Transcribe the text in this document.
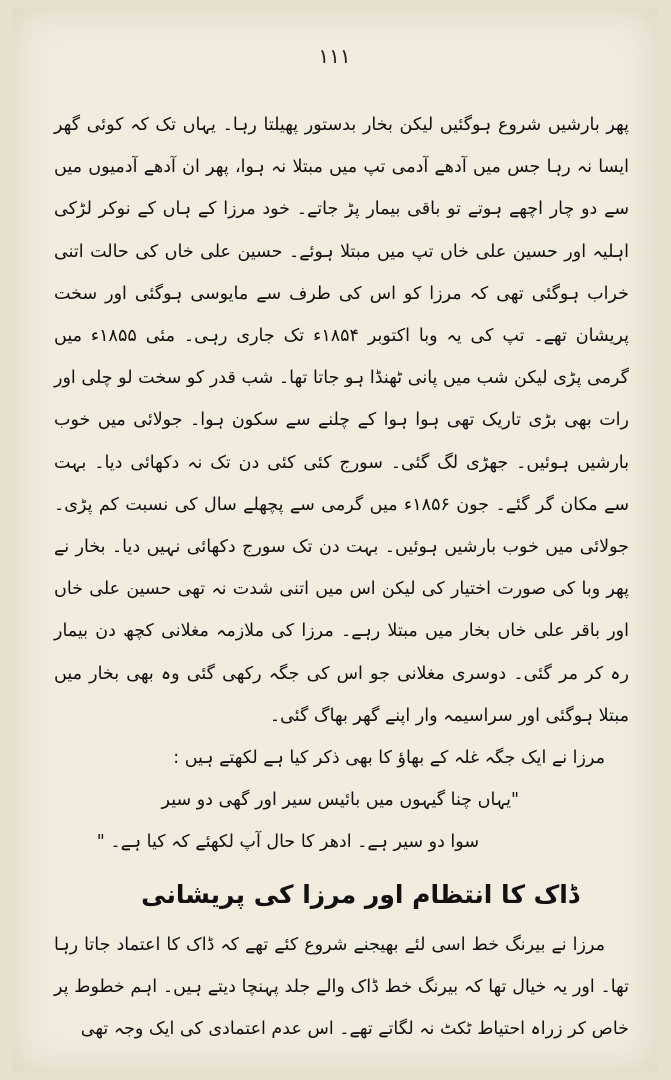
١١١

پھر بارشیں شروع ہوگئیں لیکن بخار بدستور پھیلتا رہا۔ یہاں تک کہ کوئی گھر ایسا نہ رہا جس میں آدھے آدمی تپ میں مبتلا نہ ہوا، پھر ان آدھے آدمیوں میں سے دو چار اچھے ہوتے تو باقی بیمار پڑ جاتے۔ خود مرزا کے ہاں کے نوکر لڑکی اہلیہ اور حسین علی خاں تپ میں مبتلا ہوئے۔ حسین علی خاں کی حالت اتنی خراب ہوگئی تھی کہ مرزا کو اس کی طرف سے مایوسی ہوگئی اور سخت پریشان تھے۔ تپ کی یہ وبا اکتوبر ۱۸۵۴ء تک جاری رہی۔ مئی ۱۸۵۵ء میں گرمی پڑی لیکن شب میں پانی ٹھنڈا ہو جاتا تھا۔ شب قدر کو سخت لو چلی اور رات بھی بڑی تاریک تھی ہوا ہوا کے چلنے سے سکون ہوا۔ جولائی میں خوب بارشیں ہوئیں۔ جھڑی لگ گئی۔ سورج کئی کئی دن تک نہ دکھائی دیا۔ بہت سے مکان گر گئے۔ جون ۱۸۵۶ء میں گرمی سے پچھلے سال کی نسبت کم پڑی۔ جولائی میں خوب بارشیں ہوئیں۔ بہت دن تک سورج دکھائی نہیں دیا۔ بخار نے پھر وبا کی صورت اختیار کی لیکن اس میں اتنی شدت نہ تھی حسین علی خاں اور باقر علی خاں بخار میں مبتلا رہے۔ مرزا کی ملازمہ مغلانی کچھ دن بیمار رہ کر مر گئی۔ دوسری مغلانی جو اس کی جگہ رکھی گئی وہ بھی بخار میں مبتلا ہوگئی اور سراسیمہ وار اپنے گھر بھاگ گئی۔

مرزا نے ایک جگہ غلہ کے بھاؤ کا بھی ذکر کیا ہے لکھتے ہیں :

"یہاں چنا گیہوں میں بائیس سیر اور گھی دو سیر

سوا دو سیر ہے۔ ادھر کا حال آپ لکھئے کہ کیا ہے۔ "

ڈاک کا انتظام اور مرزا کی پریشانی

مرزا نے بیرنگ خط اسی لئے بھیجنے شروع کئے تھے کہ ڈاک کا اعتماد جاتا رہا تھا۔ اور یہ خیال تھا کہ بیرنگ خط ڈاک والے جلد پہنچا دیتے ہیں۔ اہم خطوط پر خاص کر زراہ احتیاط ٹکٹ نہ لگاتے تھے۔ اس عدم اعتمادی کی ایک وجہ تھی
